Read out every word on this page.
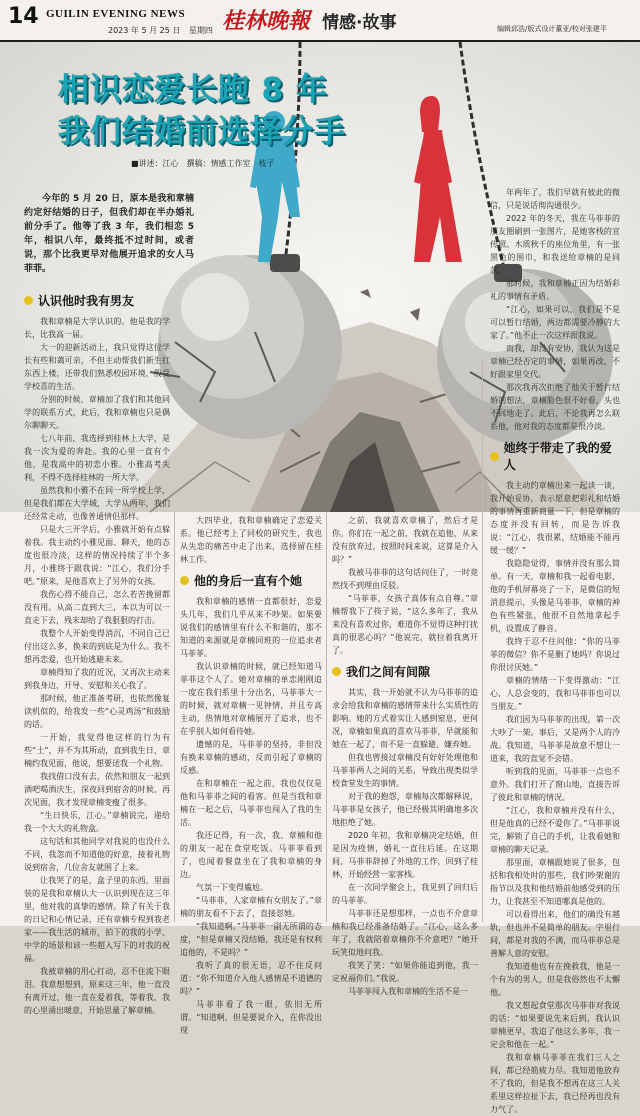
14 GUILIN EVENING NEWS
2023 年 5 月 25 日 星期四 桂林晚報 情感·故事	编辑邱浩/版式设计董亚/校对张建平
相识恋爱长跑 8 年
我们结婚前选择分手
■讲述：江心　撰稿：情感工作室　枝子
今年的 5 月 20 日，原本是我和章楠约定好结婚的日子，但我们却在半办婚礼前分手了。他等了我 3 年，我们相恋 5 年，相识八年，最终抵不过时间，或者说，那个比我更早对他展开追求的女人马菲菲。
认识他时我有男友

我和章楠是大学认识的。他是我的学长，比我高一届。

大一的迎新活动上，我只觉得这位学长有些和蔼可亲，不但主动帮我们新生扛东西上楼，还带我们熟悉校园环境，殷受学校喜的生活。

分别的时候，章楠加了我们和其他同学的联系方式，此后，我和章楠也只是偶尔聊聊天。

七八年前，我选择到桂林上大学，是我一次为爱的奔赴。我的心里一直有个他，是我高中的初恋小雅。小雅高考失利，不得不选择桂林的一所大学。

虽然我和小雅不在同一所学校上学，但是我们都在大学城，大学从两年，我们还经常走动，也像普通情侣那样。

只是大三开学后，小雅就开始有点躲着我。我主动约小雅见面、聊天，他的态度也很冷淡，这样的情况持续了半个多月，小雅终于跟我说：“江心，我们分手吧。”原来，是他喜欢上了另外的女孩。

我伤心得不能自己，怎么若苦挽留都没有用。从高二直到大三，本以为可以一直走下去，残末却给了我狠狠的打击。

我整个人开始变得消沉，不同自己已付出这么多，换来的到底是为什么。我不想再恋爱，也开始逃避未来。

章楠得知了我的近况，又再次主动来到我身边，开导、安慰和关心我了。

那时候，他正准备考研，也依然像复读机似的，给我发一些“心灵鸡汤”和鼓励的话。

一开始，我觉得他这样的行为有些“土”，并不为其所动，直到我生日，章楠约我见面，他说，想要送我一个礼物。

我找借口没有去，依然和朋友一起到酒吧喝酒庆生，深夜回到宿舍的时候，再次见面，我才发现章楠变瘦了很多。

“生日快乐，江心。”章楠说完，递给我一个大大的礼物盒。

这句话和其他同学对我说的也没什么不同，我忽而不知道他的好意，接着礼物说到宿舍，几位舍友就围了上来。

让我哭了的是，盒子里的东西，里面装的是我和章楠认大一认识到现在这三年里，他对我的真挚的感情。除了有关于我的日记和心情记录，还有章楠专程到我老家——我生活的城市，拍下的我的小学、中学的场景和谚一些超入写下的对我的祝福。

我被章楠的用心打动，忍不住流下眼泪。我意想想到，原来这三年，他一直没有离开过，他一直在爱着我，等着我，我的心里涌出暖意，开始思量了解章楠。

大四毕业，我和章楠确定了恋爱关系。他已经考上了同校的研究生，我也从失恋的痛苦中走了出来，选择留在桂林工作。

他的身后一直有个她

我和章楠的感情一直都很好，恋爱头几年，我们几乎从来不吵架。如果要说我们的感情里有什么不和谐的，那不知道的来源就是章楠同班的一位追求者马菲菲。

我认识章楠的时候，就已经知道马菲菲这个人了。她对章楠的单恋刚刚追一度在我们系里十分出名，马菲菲大一的时候，就对章楠一见钟情，并且专高主动，热情地对章楠展开了追求，也不在乎别人如何看待她。

遗憾的是，马菲菲的坚持，非但没有换来章楠的感动，反而引起了章楠的反感。

在和章楠在一起之前，我也仅仅是他和马菲菲之间的看客。但是当我和章楠在一起之后，马菲菲也闯入了我的生活。

我还记得，有一次，我、章楠和他的朋友一起在食堂吃饭。马菲菲看到了，也闻着餐盘坐在了我和章楠的身边。

气氛一下变得尴尬。

“马菲菲，人家章楠有女朋友了。”章楠的朋友看不下去了，直接怼她。

“我知道啊。”马菲菲一副无所谓的态度，“但是章楠又没结婚，我还是有权利追他的，不是吗？”

我听了真的很无语，忍不住反问道：“你不知道介入他人感情是不道德的吗？”

马菲菲看了我一眼，依旧无所谓。“知道啊，但是要说介入，在你没出现

之前，我就喜欢章楠了，然后才是你。你们在一起之前，我就在追他，从来没有放弃过，按照时间来说，这算是介入吗？”

我被马菲菲的这句话问住了，一时竟然找不到理由反驳。

“马菲菲，女孩子真体有点自尊。”章楠帮我下了筷子说，“这么多年了，我从来没有喜欢过你，难道你不觉得这种打扰真的很恶心吗？”他说完，就拉着我离开了。

我们之间有间隙

其实，我一开始就不认为马菲菲的追求会给我和章楠的感情带来什么实质性的影响。她的方式着实让人感到窒息，更何况，章楠如果真的喜欢马菲菲，早就能和她在一起了，而不是一直躲避、嫌弃她。

但我也曾接过章楠没有好好处理他和马菲菲两人之间的关系，导致出现类似学校食堂发生的事情。

对于我的抱怨，章楠每次都解释说，马菲菲是女孩子，他已经极其明确地多次地拒绝了她。

2020 年初，我和章楠决定结婚，但是因为疫情，婚礼一直往后延。在这期间，马菲菲辞掉了外地的工作，回到了桂林，开始经营一家客栈。

在一次同学聚会上，我见到了回归后的马菲菲。

马菲菲还是想那样，一点也不介意章楠和我已经准备结婚了。“江心，这么多年了，我就陪着章楠你不介意吧？”她开玩笑似地问我。

我笑了笑：“如果你能追到他，我一定祝福你们。”我说。

马菲菲闯入我和章楠的生活不是一

年两年了，我们早就有彼此的微信，只是说话彻沟通很少。

2022 年的冬天，我在马菲菲的朋友圈刷到一张图片，是她客栈的宣传照。木质秋千的座位角里，有一张黑色的围巾，和我送给章楠的是同款。

那时候，我和章楠正因为结婚彩礼的事情有矛盾。

“江心，如果可以，我们是不是可以暂行结婚，两边都需要冷静的大家了。”他不止一次这样跟我说。

而我，却没有安协，我认为这是章楠已经否定的事情，如果再改，不好跟家里交代。

那次我再次拒绝了他关于暂行结婚的想法，章楠脸色很不好看，头也不回地走了。此后，不论我再怎么联系他，他对我的态度都是很冷淡。

她终于带走了我的爱人

我主动约章楠出来一起谈一谈，我开始妥协，表示愿意把彩礼和结婚的事情再重新商量一下，但是章楠的态度并没有回转，而是告诉我说：“江心，我很累，结婚能不能再缓一缓？”

我隐隐觉得，事情并没有那么简单。有一天，章楠和我一起看电影，他的手机屏幕亮了一下，是微信的短消息提示，头像是马菲菲，章楠的神色有些紧张，他很不自然地拿起手机，设置成了静音。

我终于忍不住问他：“你的马菲菲的微信？你不是删了她吗？你说过你很讨厌她。”

章楠的情绪一下变得激动：“江心，人总会变的，我和马菲菲也可以当朋友。”

我们因为马菲菲的出现，第一次大吵了一架。事后，又是两个人的冷战。我知道，马菲菲是故意不想让一道来，我的直觉不会错。

听到我的见面，马菲菲一点也不意外。我们打开了窗山地，直接告诉了彼此和章楠的情况。

“江心，我和章楠并没有什么，但是他真的已经不爱你了。”马菲菲说完，解锁了自己的手机，让我看她和章楠的聊天记录。

那里面，章楠跟她说了很多，包括和我相处时的那些，我们吵架谢的指节以及我和他结婚前他感受到的压力，让我甚至不知道哪真是他的。

可以看得出来，他们的确没有越轨，但也并不是简单的朋友。字里行间，都是对我的不满，而马菲菲总是善解人意的安慰。

我知道他也有在挽救我，他是一个有为的男人，但是我俗然也不太懈他。

我又想起食堂那次马菲菲对我说的话：“如果要说先来后到，我认识章楠更早，我追了他这么多年，我一定会和他在一起。”

我和章楠马菲菲在我们三人之间，都已经筋疲力尽。我知道他放弃不了我的，但是我不想再在这三人关系里这样拉扯下去，我已经再也没有力气了。
